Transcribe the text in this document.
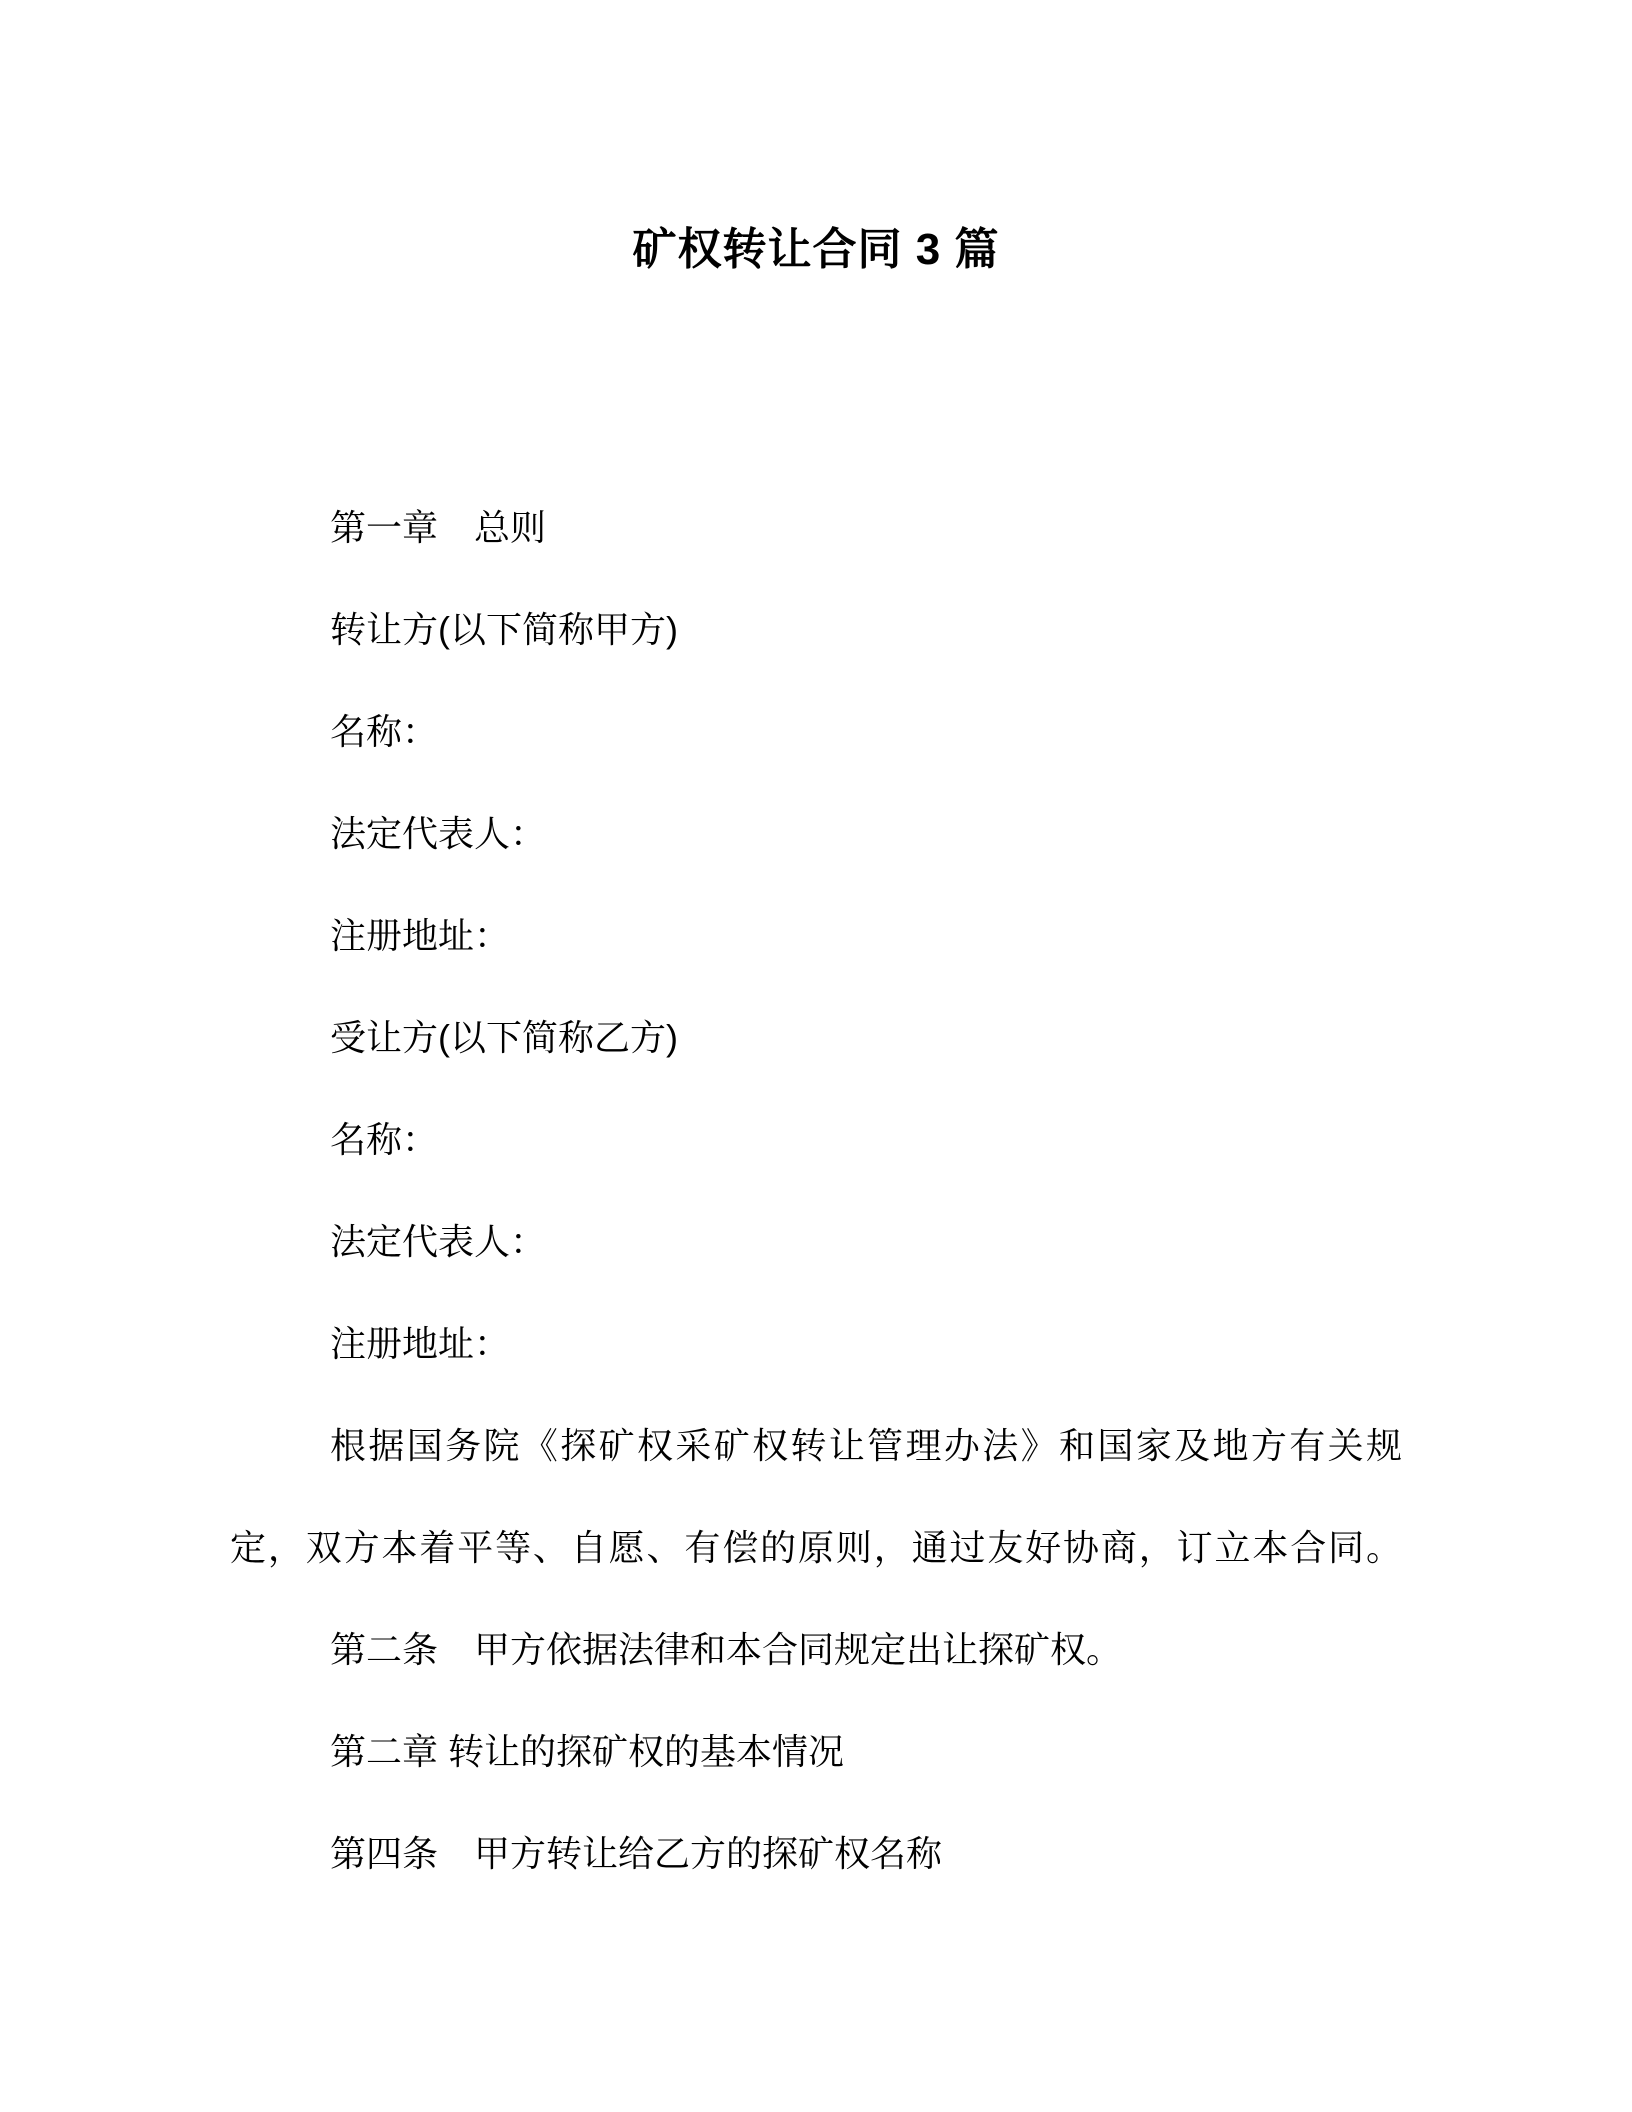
矿权转让合同 3 篇

第一章　总则

转让方(以下简称甲方)

名称：

法定代表人：

注册地址：

受让方(以下简称乙方)

名称：

法定代表人：

注册地址：

根据国务院《探矿权采矿权转让管理办法》和国家及地方有关规

定，双方本着平等、自愿、有偿的原则，通过友好协商，订立本合同。

第二条　甲方依据法律和本合同规定出让探矿权。

第二章 转让的探矿权的基本情况

第四条　甲方转让给乙方的探矿权名称
